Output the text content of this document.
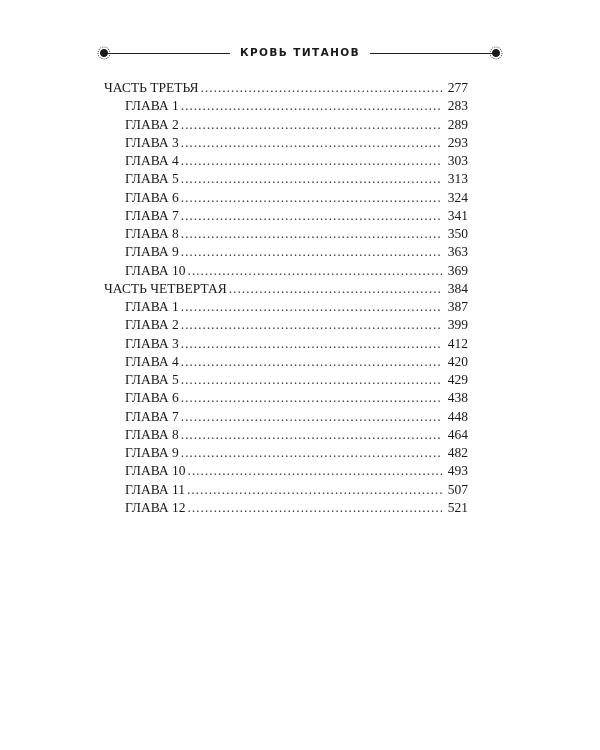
КРОВЬ ТИТАНОВ
ЧАСТЬ ТРЕТЬЯ . . .	277
ГЛАВА 1 . . .	283
ГЛАВА 2 . . .	289
ГЛАВА 3 . . .	293
ГЛАВА 4 . . .	303
ГЛАВА 5 . . .	313
ГЛАВА 6 . . .	324
ГЛАВА 7 . . .	341
ГЛАВА 8 . . .	350
ГЛАВА 9 . . .	363
ГЛАВА 10 . . .	369
ЧАСТЬ ЧЕТВЕРТАЯ . . .	384
ГЛАВА 1 . . .	387
ГЛАВА 2 . . .	399
ГЛАВА 3 . . .	412
ГЛАВА 4 . . .	420
ГЛАВА 5 . . .	429
ГЛАВА 6 . . .	438
ГЛАВА 7 . . .	448
ГЛАВА 8 . . .	464
ГЛАВА 9 . . .	482
ГЛАВА 10 . . .	493
ГЛАВА 11 . . .	507
ГЛАВА 12 . . .	521
